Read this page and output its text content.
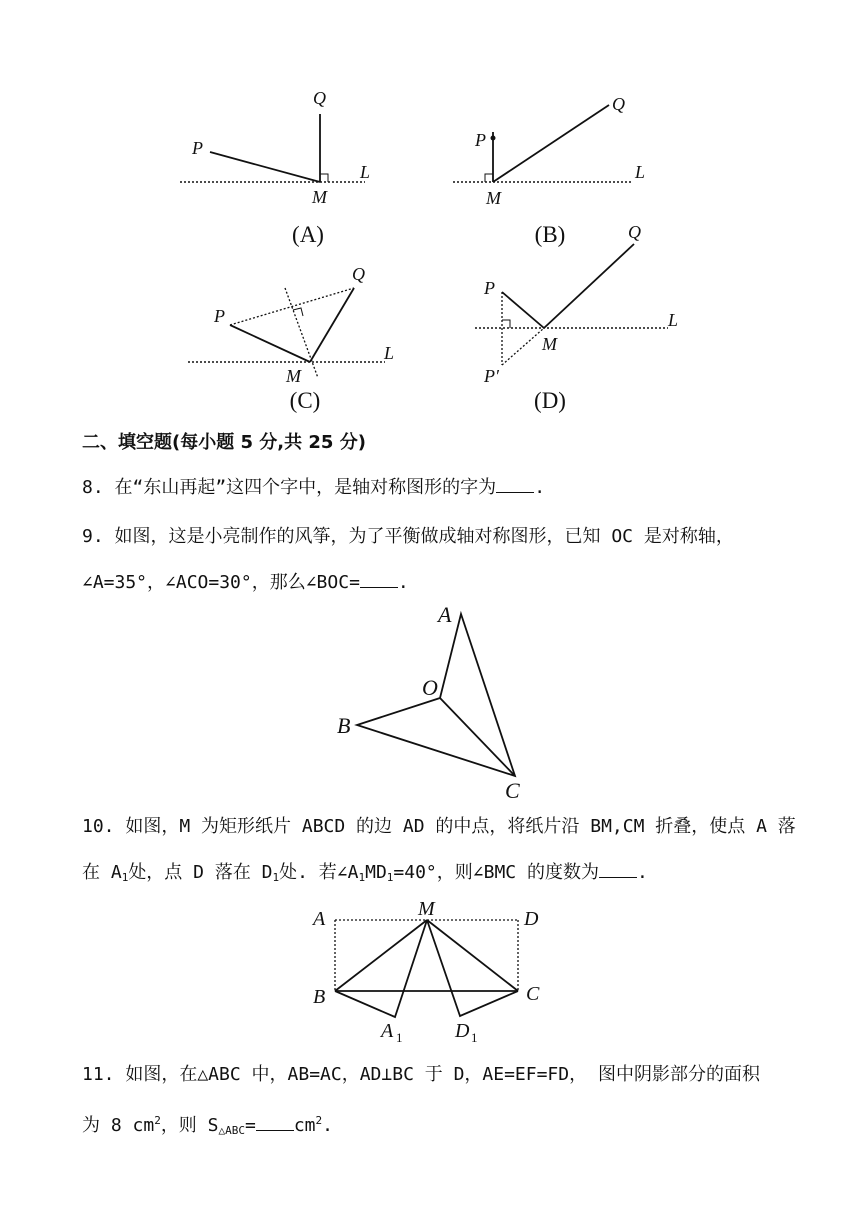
Q
P
M
L
(A)
Q
P
M
L
(B)
Q
P
M
L
(C)
Q
P
P′
M
L
(D)
二、填空题(每小题 5 分,共 25 分)
8. 在“东山再起”这四个字中，是轴对称图形的字为 .
9. 如图，这是小亮制作的风筝，为了平衡做成轴对称图形，已知 OC 是对称轴，
∠A=35°，∠ACO=30°，那么∠BOC= .
A
O
B
C
10. 如图，M 为矩形纸片 ABCD 的边 AD 的中点，将纸片沿 BM,CM 折叠，使点 A 落
在 $A_1$处，点 D 落在 $D_1$处. 若$\angle A_1MD_1=40^\circ$，则∠BMC 的度数为 .
A	M	D
B	C
A 1	D 1
11. 如图，在△ABC 中，AB=AC，AD⊥BC 于 D，AE=EF=FD， 图中阴影部分的面积
为 8 $cm^2$，则 $S_{\triangle ABC}= cm^2$.
